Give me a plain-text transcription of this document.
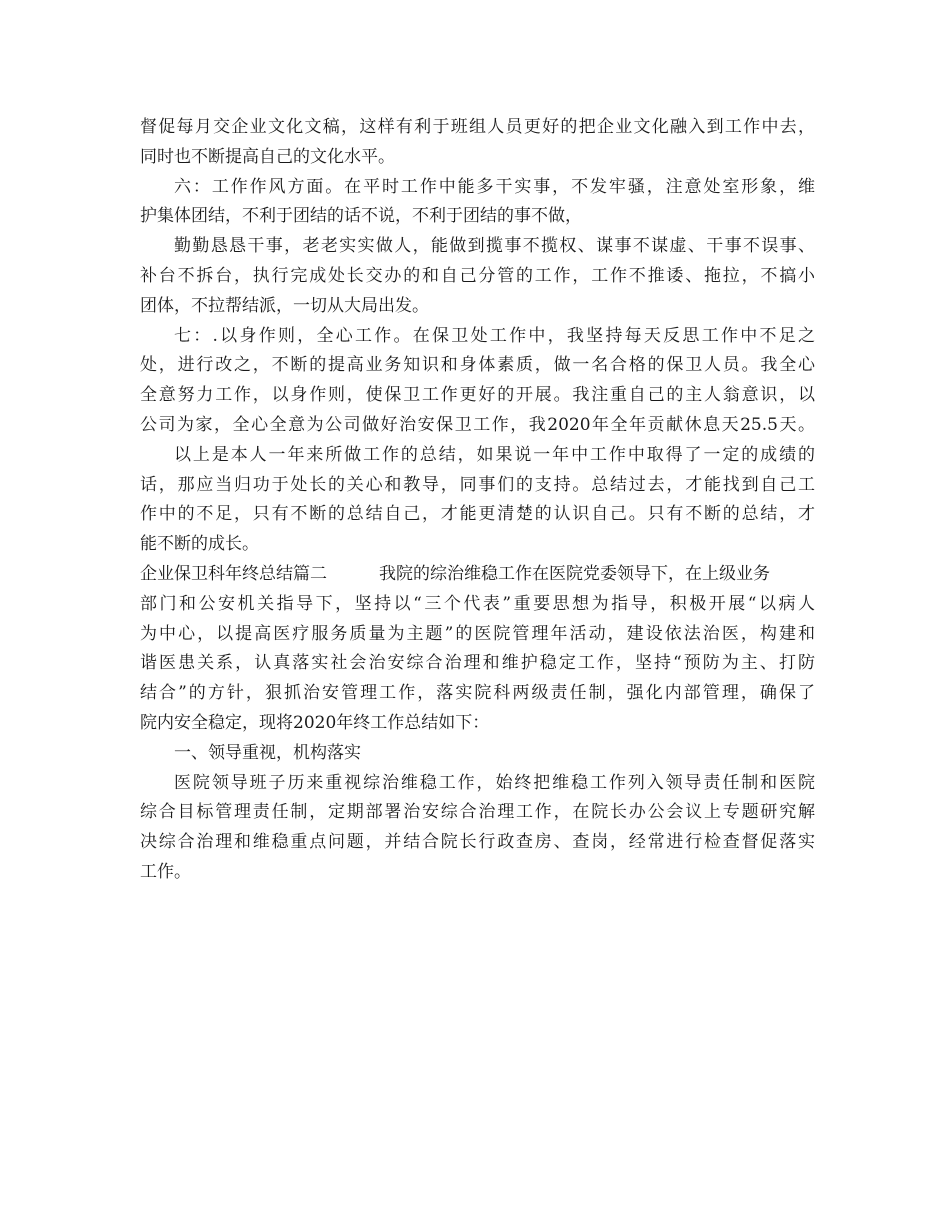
督促每月交企业文化文稿，这样有利于班组人员更好的把企业文化融入到工作中去，
同时也不断提高自己的文化水平。
六：工作作风方面。在平时工作中能多干实事，不发牢骚，注意处室形象，维
护集体团结，不利于团结的话不说，不利于团结的事不做，
勤勤恳恳干事，老老实实做人，能做到揽事不揽权、谋事不谋虚、干事不误事、
补台不拆台，执行完成处长交办的和自己分管的工作，工作不推诿、拖拉，不搞小
团体，不拉帮结派，一切从大局出发。
七：.以身作则，全心工作。在保卫处工作中，我坚持每天反思工作中不足之
处，进行改之，不断的提高业务知识和身体素质，做一名合格的保卫人员。我全心
全意努力工作，以身作则，使保卫工作更好的开展。我注重自己的主人翁意识，以
公司为家，全心全意为公司做好治安保卫工作，我2020年全年贡献休息天25.5天。
以上是本人一年来所做工作的总结，如果说一年中工作中取得了一定的成绩的
话，那应当归功于处长的关心和教导，同事们的支持。总结过去，才能找到自己工
作中的不足，只有不断的总结自己，才能更清楚的认识自己。只有不断的总结，才
能不断的成长。
企业保卫科年终总结篇二	我院的综治维稳工作在医院党委领导下，在上级业务
部门和公安机关指导下，坚持以“三个代表”重要思想为指导，积极开展“以病人
为中心，以提高医疗服务质量为主题”的医院管理年活动，建设依法治医，构建和
谐医患关系，认真落实社会治安综合治理和维护稳定工作，坚持“预防为主、打防
结合”的方针，狠抓治安管理工作，落实院科两级责任制，强化内部管理，确保了
院内安全稳定，现将2020年终工作总结如下：
一、领导重视，机构落实
医院领导班子历来重视综治维稳工作，始终把维稳工作列入领导责任制和医院
综合目标管理责任制，定期部署治安综合治理工作，在院长办公会议上专题研究解
决综合治理和维稳重点问题，并结合院长行政查房、查岗，经常进行检查督促落实
工作。
